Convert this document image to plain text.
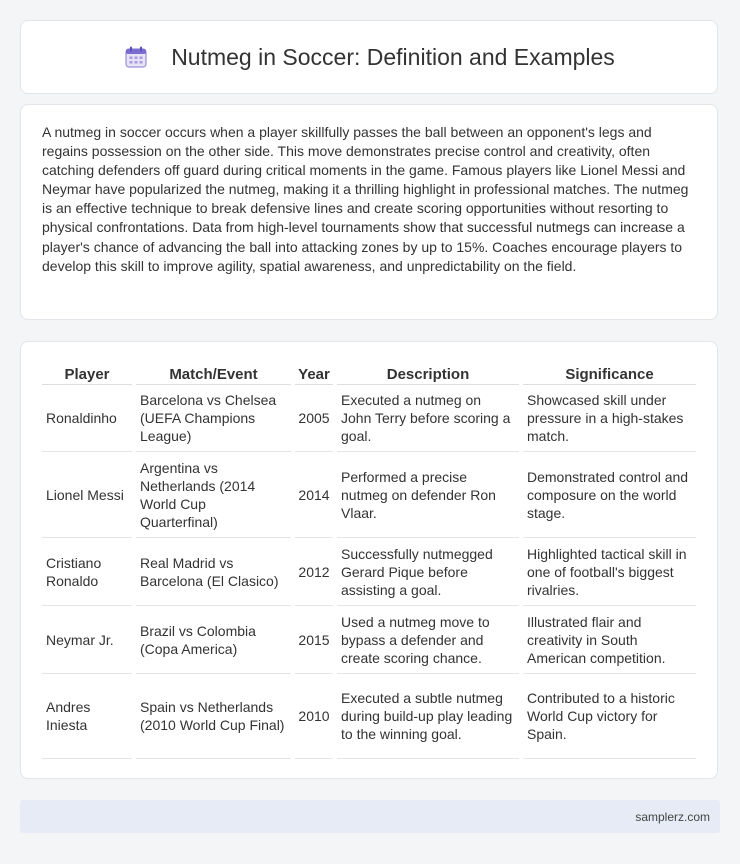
Nutmeg in Soccer: Definition and Examples

A nutmeg in soccer occurs when a player skillfully passes the ball between an opponent's legs and regains possession on the other side. This move demonstrates precise control and creativity, often catching defenders off guard during critical moments in the game. Famous players like Lionel Messi and Neymar have popularized the nutmeg, making it a thrilling highlight in professional matches. The nutmeg is an effective technique to break defensive lines and create scoring opportunities without resorting to physical confrontations. Data from high-level tournaments show that successful nutmegs can increase a player's chance of advancing the ball into attacking zones by up to 15%. Coaches encourage players to develop this skill to improve agility, spatial awareness, and unpredictability on the field.

Player	Match/Event	Year	Description	Significance
Ronaldinho	Barcelona vs Chelsea (UEFA Champions League)	2005	Executed a nutmeg on John Terry before scoring a goal.	Showcased skill under pressure in a high-stakes match.
Lionel Messi	Argentina vs Netherlands (2014 World Cup Quarterfinal)	2014	Performed a precise nutmeg on defender Ron Vlaar.	Demonstrated control and composure on the world stage.
Cristiano Ronaldo	Real Madrid vs Barcelona (El Clasico)	2012	Successfully nutmegged Gerard Pique before assisting a goal.	Highlighted tactical skill in one of football's biggest rivalries.
Neymar Jr.	Brazil vs Colombia (Copa America)	2015	Used a nutmeg move to bypass a defender and create scoring chance.	Illustrated flair and creativity in South American competition.
Andres Iniesta	Spain vs Netherlands (2010 World Cup Final)	2010	Executed a subtle nutmeg during build-up play leading to the winning goal.	Contributed to a historic World Cup victory for Spain.
samplerz.com
